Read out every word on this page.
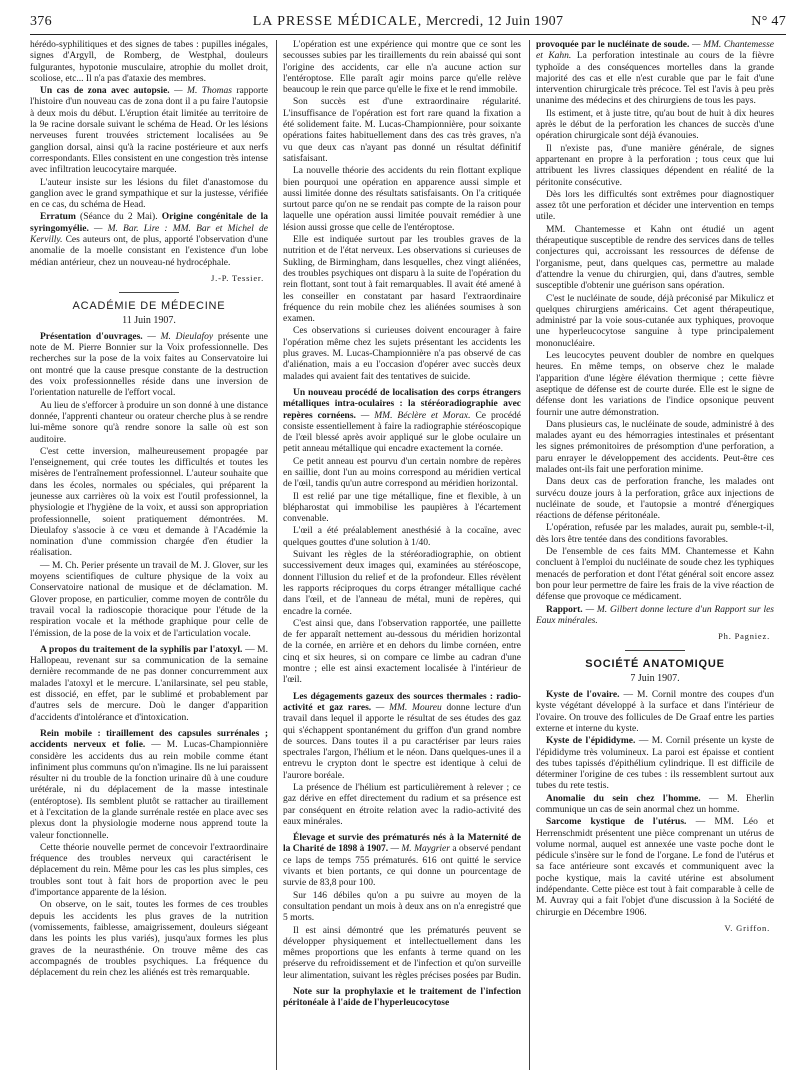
376	LA PRESSE MÉDICALE, Mercredi, 12 Juin 1907	N° 47

hérédo-syphilitiques et des signes de tabes : pupilles inégales, signes d'Argyll, de Romberg, de Westphal, douleurs fulgurantes, hypotonie musculaire, atrophie du mollet droit, scoliose, etc... Il n'a pas d'ataxie des membres.

Un cas de zona avec autopsie. — M. Thomas rapporte l'histoire d'un nouveau cas de zona dont il a pu faire l'autopsie à deux mois du début. L'éruption était limitée au territoire de la 9e racine dorsale suivant le schéma de Head. Or les lésions nerveuses furent trouvées strictement localisées au 9e ganglion dorsal, ainsi qu'à la racine postérieure et aux nerfs correspondants. Elles consistent en une congestion très intense avec infiltration leucocytaire marquée.

L'auteur insiste sur les lésions du filet d'anastomose du ganglion avec le grand sympathique et sur la justesse, vérifiée en ce cas, du schéma de Head.

Erratum (Séance du 2 Mai). Origine congénitale de la syringomyélie. — M. Bar. Lire : MM. Bar et Michel de Kervilly. Ces auteurs ont, de plus, apporté l'observation d'une anomalie de la moelle consistant en l'existence d'un lobe médian antérieur, chez un nouveau-né hydrocéphale.

J.-P. Tessier.
ACADÉMIE DE MÉDECINE
11 Juin 1907.

Présentation d'ouvrages. — M. Dieulafoy présente une note de M. Pierre Bonnier sur la Voix professionnelle. Des recherches sur la pose de la voix faites au Conservatoire lui ont montré que la cause presque constante de la destruction des voix professionnelles réside dans une inversion de l'orientation naturelle de l'effort vocal.

Au lieu de s'efforcer à produire un son donné à une distance donnée, l'apprenti chanteur ou orateur cherche plus à se rendre lui-même sonore qu'à rendre sonore la salle où est son auditoire.

C'est cette inversion, malheureusement propagée par l'enseignement, qui crée toutes les difficultés et toutes les misères de l'entraînement professionnel. L'auteur souhaite que dans les écoles, normales ou spéciales, qui préparent la jeunesse aux carrières où la voix est l'outil professionnel, la physiologie et l'hygiène de la voix, et aussi son appropriation professionnelle, soient pratiquement démontrées. M. Dieulafoy s'associe à ce vœu et demande à l'Académie la nomination d'une commission chargée d'en étudier la réalisation.

— M. Ch. Perier présente un travail de M. J. Glover, sur les moyens scientifiques de culture physique de la voix au Conservatoire national de musique et de déclamation. M. Glover propose, en particulier, comme moyen de contrôle du travail vocal la radioscopie thoracique pour l'étude de la respiration vocale et la méthode graphique pour celle de l'émission, de la pose de la voix et de l'articulation vocale.

A propos du traitement de la syphilis par l'atoxyl. — M. Hallopeau, revenant sur sa communication de la semaine dernière recommande de ne pas donner concurremment aux malades l'atoxyl et le mercure. L'anilarsinate, sel peu stable, est dissocié, en effet, par le sublimé et probablement par d'autres sels de mercure. Doù le danger d'apparition d'accidents d'intolérance et d'intoxication.

Rein mobile : tiraillement des capsules surrénales ; accidents nerveux et folie. — M. Lucas-Championnière considère les accidents dus au rein mobile comme étant infiniment plus communs qu'on n'imagine. Ils ne lui paraissent résulter ni du trouble de la fonction urinaire dû à une coudure urétérale, ni du déplacement de la masse intestinale (entéroptose). Ils semblent plutôt se rattacher au tiraillement et à l'excitation de la glande surrénale restée en place avec ses plexus dont la physiologie moderne nous apprend toute la valeur fonctionnelle.

Cette théorie nouvelle permet de concevoir l'extraordinaire fréquence des troubles nerveux qui caractérisent le déplacement du rein. Même pour les cas les plus simples, ces troubles sont tout à fait hors de proportion avec le peu d'importance apparente de la lésion.

On observe, on le sait, toutes les formes de ces troubles depuis les accidents les plus graves de la nutrition (vomissements, faiblesse, amaigrissement, douleurs siégeant dans les points les plus variés), jusqu'aux formes les plus graves de la neurasthénie. On trouve même des cas accompagnés de troubles psychiques. La fréquence du déplacement du rein chez les aliénés est très remarquable.

L'opération est une expérience qui montre que ce sont les secousses subies par les tiraillements du rein abaissé qui sont l'origine des accidents, car elle n'a aucune action sur l'entéroptose. Elle paraît agir moins parce qu'elle relève beaucoup le rein que parce qu'elle le fixe et le rend immobile.

Son succès est d'une extraordinaire régularité. L'insuffisance de l'opération est fort rare quand la fixation a été solidement faite. M. Lucas-Championnière, pour soixante opérations faites habituellement dans des cas très graves, n'a vu que deux cas n'ayant pas donné un résultat définitif satisfaisant.

La nouvelle théorie des accidents du rein flottant explique bien pourquoi une opération en apparence aussi simple et aussi limitée donne des résultats satisfaisants. On l'a critiquée surtout parce qu'on ne se rendait pas compte de la raison pour laquelle une opération aussi limitée pouvait remédier à une lésion aussi grosse que celle de l'entéroptose.

Elle est indiquée surtout par les troubles graves de la nutrition et de l'état nerveux. Les observations si curieuses de Sukling, de Birmingham, dans lesquelles, chez vingt aliénées, des troubles psychiques ont disparu à la suite de l'opération du rein flottant, sont tout à fait remarquables. Il avait été amené à les conseiller en constatant par hasard l'extraordinaire fréquence du rein mobile chez les aliénées soumises à son examen.

Ces observations si curieuses doivent encourager à faire l'opération même chez les sujets présentant les accidents les plus graves. M. Lucas-Championnière n'a pas observé de cas d'aliénation, mais a eu l'occasion d'opérer avec succès deux malades qui avaient fait des tentatives de suicide.

Un nouveau procédé de localisation des corps étrangers métalliques intra-oculaires : la stéréoradiographie avec repères cornéens. — MM. Béclère et Morax. Ce procédé consiste essentiellement à faire la radiographie stéréoscopique de l'œil blessé après avoir appliqué sur le globe oculaire un petit anneau métallique qui encadre exactement la cornée.

Ce petit anneau est pourvu d'un certain nombre de repères en saillie, dont l'un au moins correspond au méridien vertical de l'œil, tandis qu'un autre correspond au méridien horizontal.

Il est relié par une tige métallique, fine et flexible, à un blépharostat qui immobilise les paupières à l'écartement convenable.

L'œil a été préalablement anesthésié à la cocaïne, avec quelques gouttes d'une solution à 1/40.

Suivant les règles de la stéréoradiographie, on obtient successivement deux images qui, examinées au stéréoscope, donnent l'illusion du relief et de la profondeur. Elles révèlent les rapports réciproques du corps étranger métallique caché dans l'œil, et de l'anneau de métal, muni de repères, qui encadre la cornée.

C'est ainsi que, dans l'observation rapportée, une paillette de fer apparaît nettement au-dessous du méridien horizontal de la cornée, en arrière et en dehors du limbe cornéen, entre cinq et six heures, si on compare ce limbe au cadran d'une montre ; elle est ainsi exactement localisée à l'intérieur de l'œil.

Les dégagements gazeux des sources thermales : radio-activité et gaz rares. — MM. Moureu donne lecture d'un travail dans lequel il apporte le résultat de ses études des gaz qui s'échappent spontanément du griffon d'un grand nombre de sources. Dans toutes il a pu caractériser par leurs raies spectrales l'argon, l'hélium et le néon. Dans quelques-unes il a entrevu le crypton dont le spectre est identique à celui de l'aurore boréale.

La présence de l'hélium est particulièrement à relever ; ce gaz dérive en effet directement du radium et sa présence est par conséquent en étroite relation avec la radio-activité des eaux minérales.

Élevage et survie des prématurés nés à la Maternité de la Charité de 1898 à 1907. — M. Maygrier a observé pendant ce laps de temps 755 prématurés. 616 ont quitté le service vivants et bien portants, ce qui donne un pourcentage de survie de 83,8 pour 100.

Sur 146 débiles qu'on a pu suivre au moyen de la consultation pendant un mois à deux ans on n'a enregistré que 5 morts.

Il est ainsi démontré que les prématurés peuvent se développer physiquement et intellectuellement dans les mêmes proportions que les enfants à terme quand on les préserve du refroidissement et de l'infection et qu'on surveille leur alimentation, suivant les règles précises posées par Budin.

Note sur la prophylaxie et le traitement de l'infection péritonéale à l'aide de l'hyperleucocytose

provoquée par le nucléinate de soude. — MM. Chantemesse et Kahn. La perforation intestinale au cours de la fièvre typhoïde a des conséquences mortelles dans la grande majorité des cas et elle n'est curable que par le fait d'une intervention chirurgicale très précoce. Tel est l'avis à peu près unanime des médecins et des chirurgiens de tous les pays.

Ils estiment, et à juste titre, qu'au bout de huit à dix heures après le début de la perforation les chances de succès d'une opération chirurgicale sont déjà évanouies.

Il n'existe pas, d'une manière générale, de signes appartenant en propre à la perforation ; tous ceux que lui attribuent les livres classiques dépendent en réalité de la péritonite consécutive.

Dès lors les difficultés sont extrêmes pour diagnostiquer assez tôt une perforation et décider une intervention en temps utile.

MM. Chantemesse et Kahn ont étudié un agent thérapeutique susceptible de rendre des services dans de telles conjectures qui, accroissant les ressources de défense de l'organisme, peut, dans quelques cas, permettre au malade d'attendre la venue du chirurgien, qui, dans d'autres, semble susceptible d'obtenir une guérison sans opération.

C'est le nucléinate de soude, déjà préconisé par Mikulicz et quelques chirurgiens américains. Cet agent thérapeutique, administré par la voie sous-cutanée aux typhiques, provoque une hyperleucocytose sanguine à type principalement mononucléaire.

Les leucocytes peuvent doubler de nombre en quelques heures. En même temps, on observe chez le malade l'apparition d'une légère élévation thermique ; cette fièvre aseptique de défense est de courte durée. Elle est le signe de défense dont les variations de l'indice opsonique peuvent fournir une autre démonstration.

Dans plusieurs cas, le nucléinate de soude, administré à des malades ayant eu des hémorragies intestinales et présentant les signes prémonitoires de présomption d'une perforation, a paru enrayer le développement des accidents. Peut-être ces malades ont-ils fait une perforation minime.

Dans deux cas de perforation franche, les malades ont survécu douze jours à la perforation, grâce aux injections de nucléinate de soude, et l'autopsie a montré d'énergiques réactions de défense péritonéale.

L'opération, refusée par les malades, aurait pu, semble-t-il, dès lors être tentée dans des conditions favorables.

De l'ensemble de ces faits MM. Chantemesse et Kahn concluent à l'emploi du nucléinate de soude chez les typhiques menacés de perforation et dont l'état général soit encore assez bon pour leur permettre de faire les frais de la vive réaction de défense que provoque ce médicament.

Rapport. — M. Gilbert donne lecture d'un Rapport sur les Eaux minérales.

Ph. Pagniez.
SOCIÉTÉ ANATOMIQUE
7 Juin 1907.

Kyste de l'ovaire. — M. Cornil montre des coupes d'un kyste végétant développé à la surface et dans l'intérieur de l'ovaire. On trouve des follicules de De Graaf entre les parties externe et interne du kyste.

Kyste de l'épididyme. — M. Cornil présente un kyste de l'épididyme très volumineux. La paroi est épaisse et contient des tubes tapissés d'épithélium cylindrique. Il est difficile de déterminer l'origine de ces tubes : ils ressemblent surtout aux tubes du rete testis.

Anomalie du sein chez l'homme. — M. Eherlin communique un cas de sein anormal chez un homme.

Sarcome kystique de l'utérus. — MM. Léo et Herrenschmidt présentent une pièce comprenant un utérus de volume normal, auquel est annexée une vaste poche dont le pédicule s'insère sur le fond de l'organe. Le fond de l'utérus et sa face antérieure sont excavés et communiquent avec la poche kystique, mais la cavité utérine est absolument indépendante. Cette pièce est tout à fait comparable à celle de M. Auvray qui a fait l'objet d'une discussion à la Société de chirurgie en Décembre 1906.

V. Griffon.
